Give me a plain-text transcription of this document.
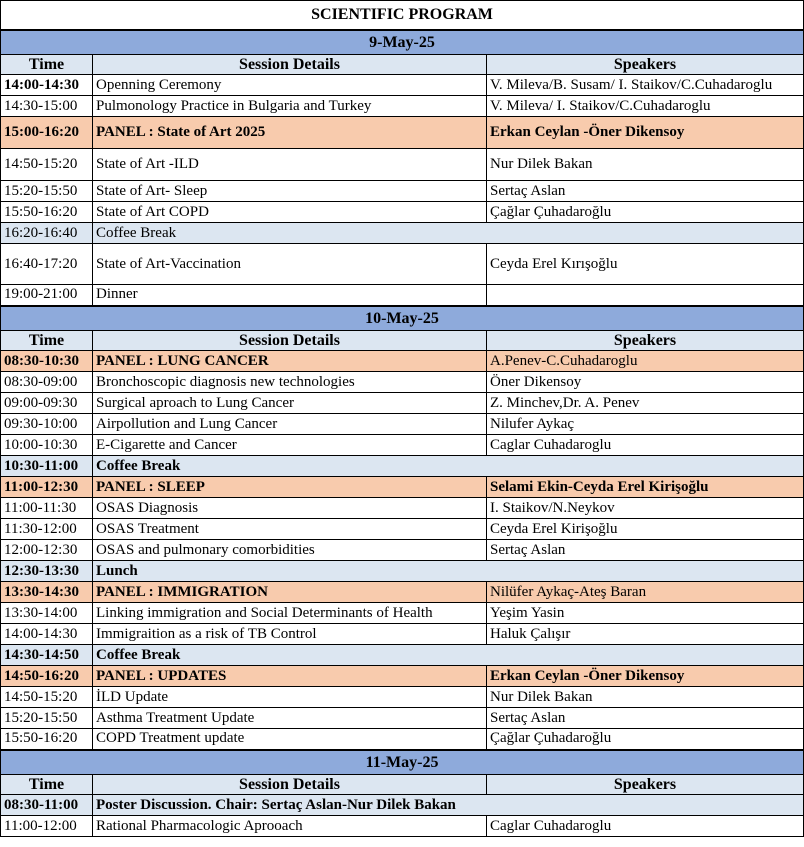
SCIENTIFIC PROGRAM		
9-May-25		
Time	Session Details	Speakers
14:00-14:30	Openning Ceremony	V. Mileva/B. Susam/ I. Staikov/C.Cuhadaroglu
14:30-15:00	Pulmonology Practice in Bulgaria and Turkey	V. Mileva/ I. Staikov/C.Cuhadaroglu
15:00-16:20	PANEL : State of Art 2025	Erkan Ceylan -Öner Dikensoy
14:50-15:20	State of Art -ILD	Nur Dilek Bakan
15:20-15:50	State of Art- Sleep	Sertaç Aslan
15:50-16:20	State of Art COPD	Çağlar Çuhadaroğlu
16:20-16:40	Coffee Break	
16:40-17:20	State of Art-Vaccination	Ceyda Erel Kırışoğlu
19:00-21:00	Dinner	
10-May-25		
Time	Session Details	Speakers
08:30-10:30	PANEL : LUNG CANCER	A.Penev-C.Cuhadaroglu
08:30-09:00	Bronchoscopic diagnosis new technologies	Öner Dikensoy
09:00-09:30	Surgical aproach to Lung Cancer	Z. Minchev,Dr. A. Penev
09:30-10:00	Airpollution and Lung Cancer	Nilufer Aykaç
10:00-10:30	E-Cigarette and Cancer	Caglar Cuhadaroglu
10:30-11:00	Coffee Break	
11:00-12:30	PANEL : SLEEP	Selami Ekin-Ceyda Erel Kirişoğlu
11:00-11:30	OSAS Diagnosis	I. Staikov/N.Neykov
11:30-12:00	OSAS Treatment	Ceyda Erel Kirişoğlu
12:00-12:30	OSAS and pulmonary comorbidities	Sertaç Aslan
12:30-13:30	Lunch	
13:30-14:30	PANEL : IMMIGRATION	Nilüfer Aykaç-Ateş Baran
13:30-14:00	Linking immigration and Social Determinants of Health	Yeşim Yasin
14:00-14:30	Immigraition as a risk of TB Control	Haluk Çalışır
14:30-14:50	Coffee Break	
14:50-16:20	PANEL : UPDATES	Erkan Ceylan -Öner Dikensoy
14:50-15:20	İLD Update	Nur Dilek Bakan
15:20-15:50	Asthma Treatment Update	Sertaç Aslan
15:50-16:20	COPD Treatment update	Çağlar Çuhadaroğlu
11-May-25		
Time	Session Details	Speakers
08:30-11:00	Poster Discussion. Chair: Sertaç Aslan-Nur Dilek Bakan	
11:00-12:00	Rational Pharmacologic Aprooach	Caglar Cuhadaroglu
